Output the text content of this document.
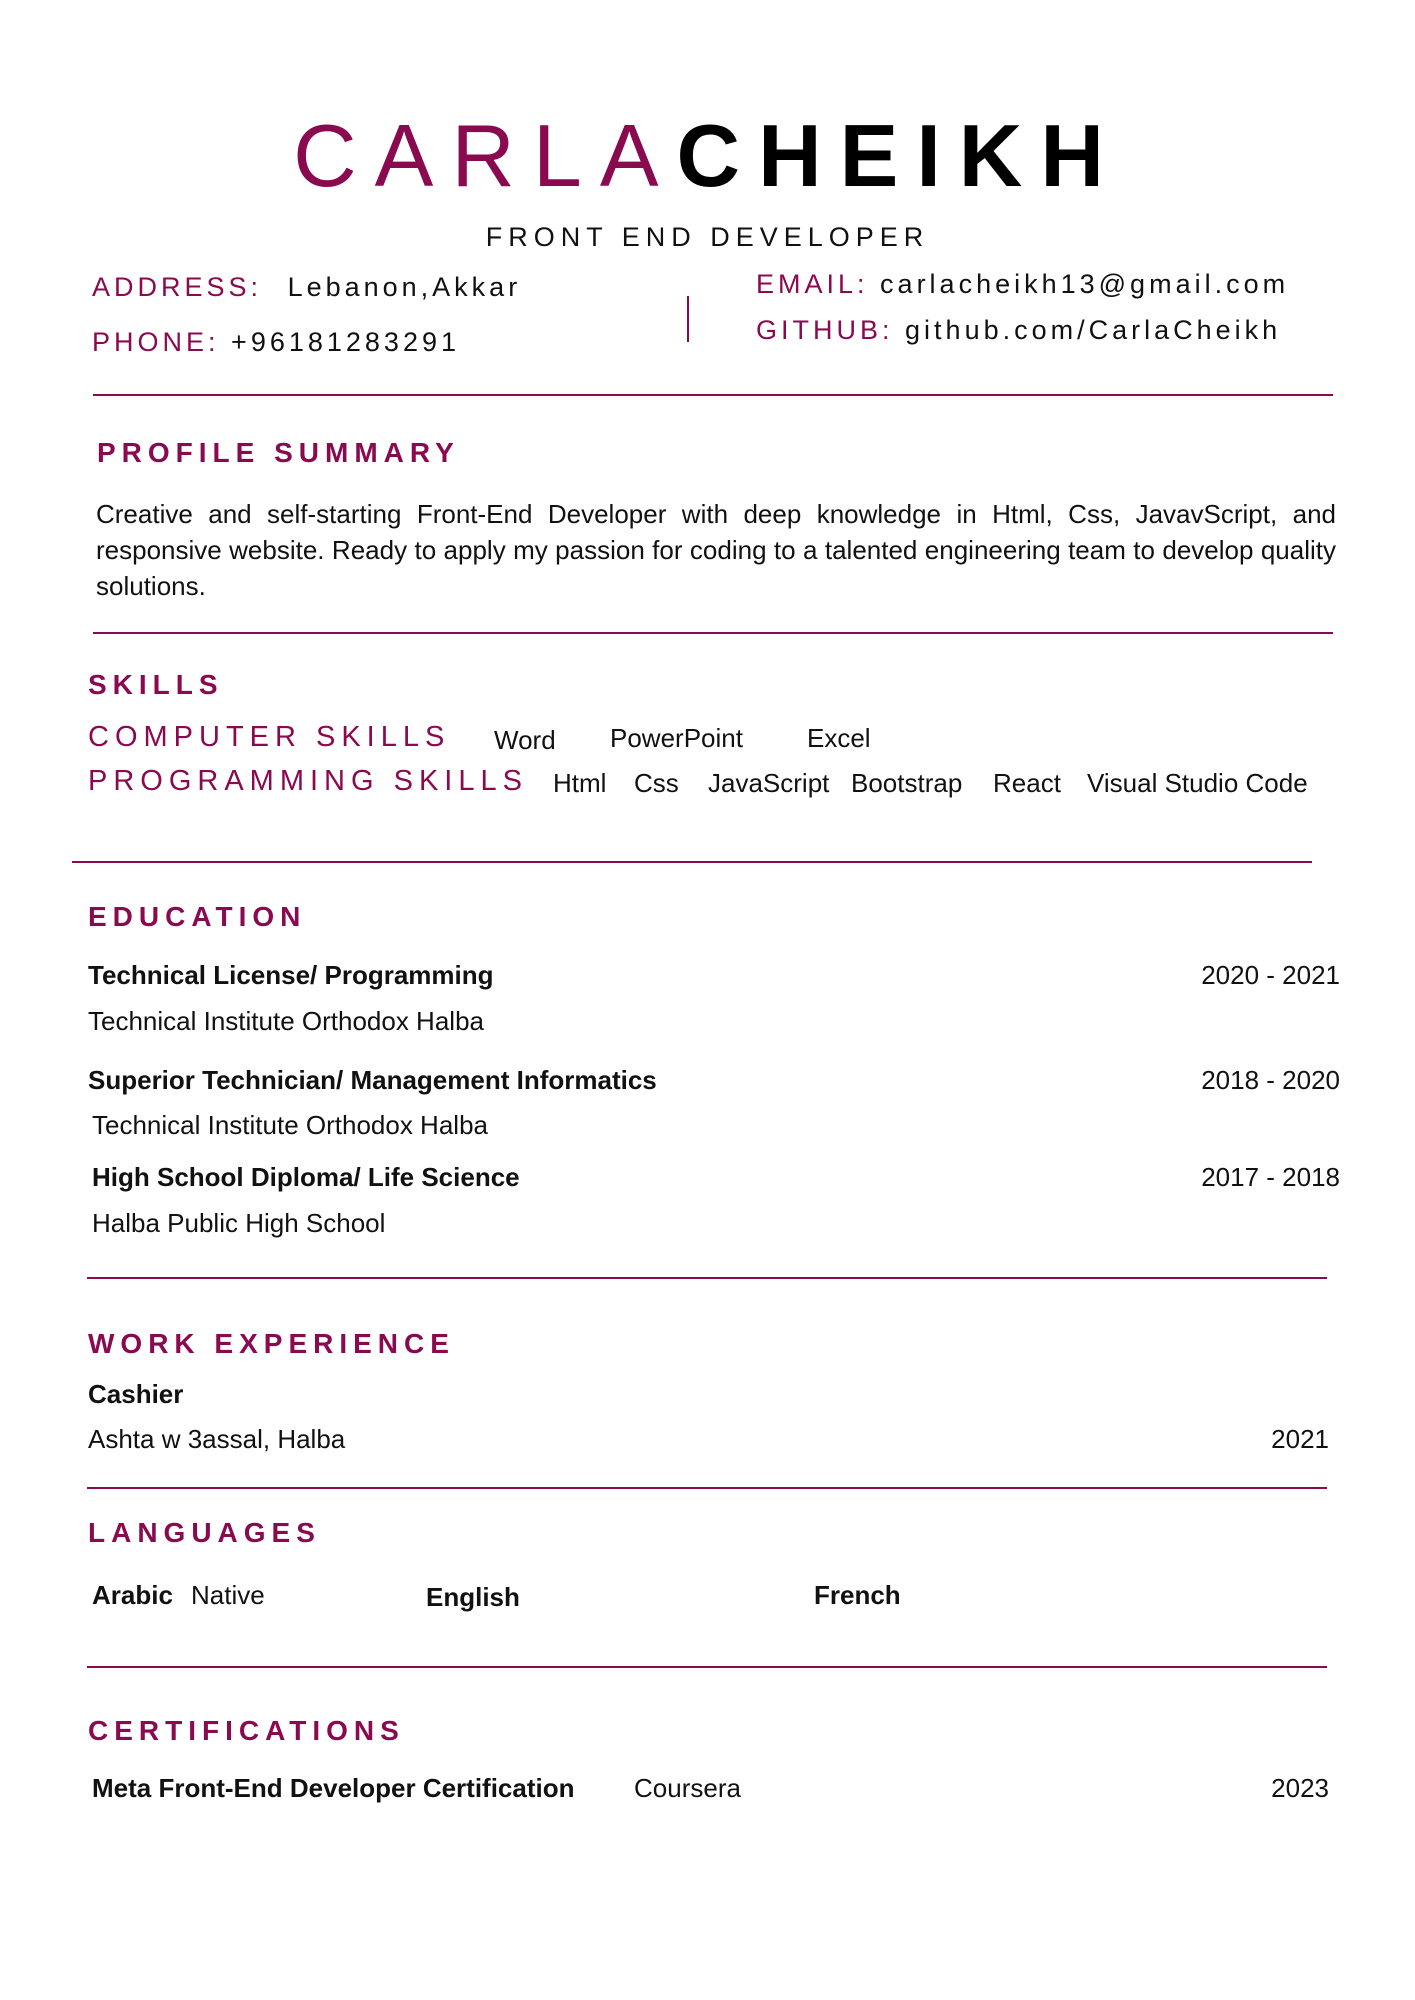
CARLACHEIKH
FRONT END DEVELOPER
ADDRESS: Lebanon,Akkar
PHONE: +96181283291
EMAIL: carlacheikh13@gmail.com
GITHUB: github.com/CarlaCheikh
PROFILE SUMMARY
Creative and self-starting Front-End Developer with deep knowledge in Html, Css, JavavScript, and responsive website. Ready to apply my passion for coding to a talented engineering team to develop quality solutions.
SKILLS
COMPUTER SKILLS Word PowerPoint Excel
PROGRAMMING SKILLS Html Css JavaScript Bootstrap React Visual Studio Code
EDUCATION
Technical License/ Programming	2020 - 2021
Technical Institute Orthodox Halba
Superior Technician/ Management Informatics	2018 - 2020
Technical Institute Orthodox Halba
High School Diploma/ Life Science	2017 - 2018
Halba Public High School
WORK EXPERIENCE
Cashier
Ashta w 3assal, Halba	2021
LANGUAGES
Arabic Native	English	French
CERTIFICATIONS
Meta Front-End Developer Certification Coursera	2023
